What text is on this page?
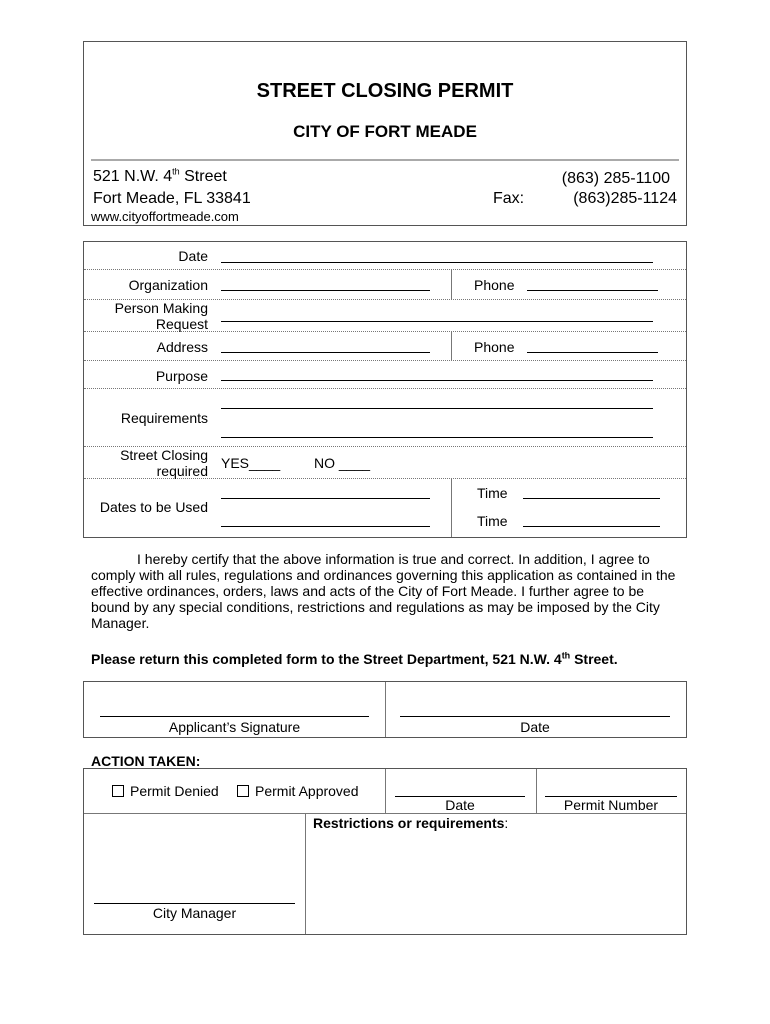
STREET CLOSING PERMIT
CITY OF FORT MEADE
521 N.W. 4th Street
Fort Meade, FL 33841
www.cityoffortmeade.com
(863) 285-1100
Fax:	(863)285-1124
Date
Organization	Phone
Person Making
Request
Address	Phone
Purpose
Requirements
Street Closing
required YES____ NO ____
Dates to be Used
Time
Time
I hereby certify that the above information is true and correct. In addition, I agree to comply with all rules, regulations and ordinances governing this application as contained in the effective ordinances, orders, laws and acts of the City of Fort Meade. I further agree to be bound by any special conditions, restrictions and regulations as may be imposed by the City Manager.
Please return this completed form to the Street Department, 521 N.W. 4th Street.
Applicant’s Signature	Date
ACTION TAKEN:
Permit Denied	Permit Approved
Date	Permit Number
Restrictions or requirements:
City Manager
